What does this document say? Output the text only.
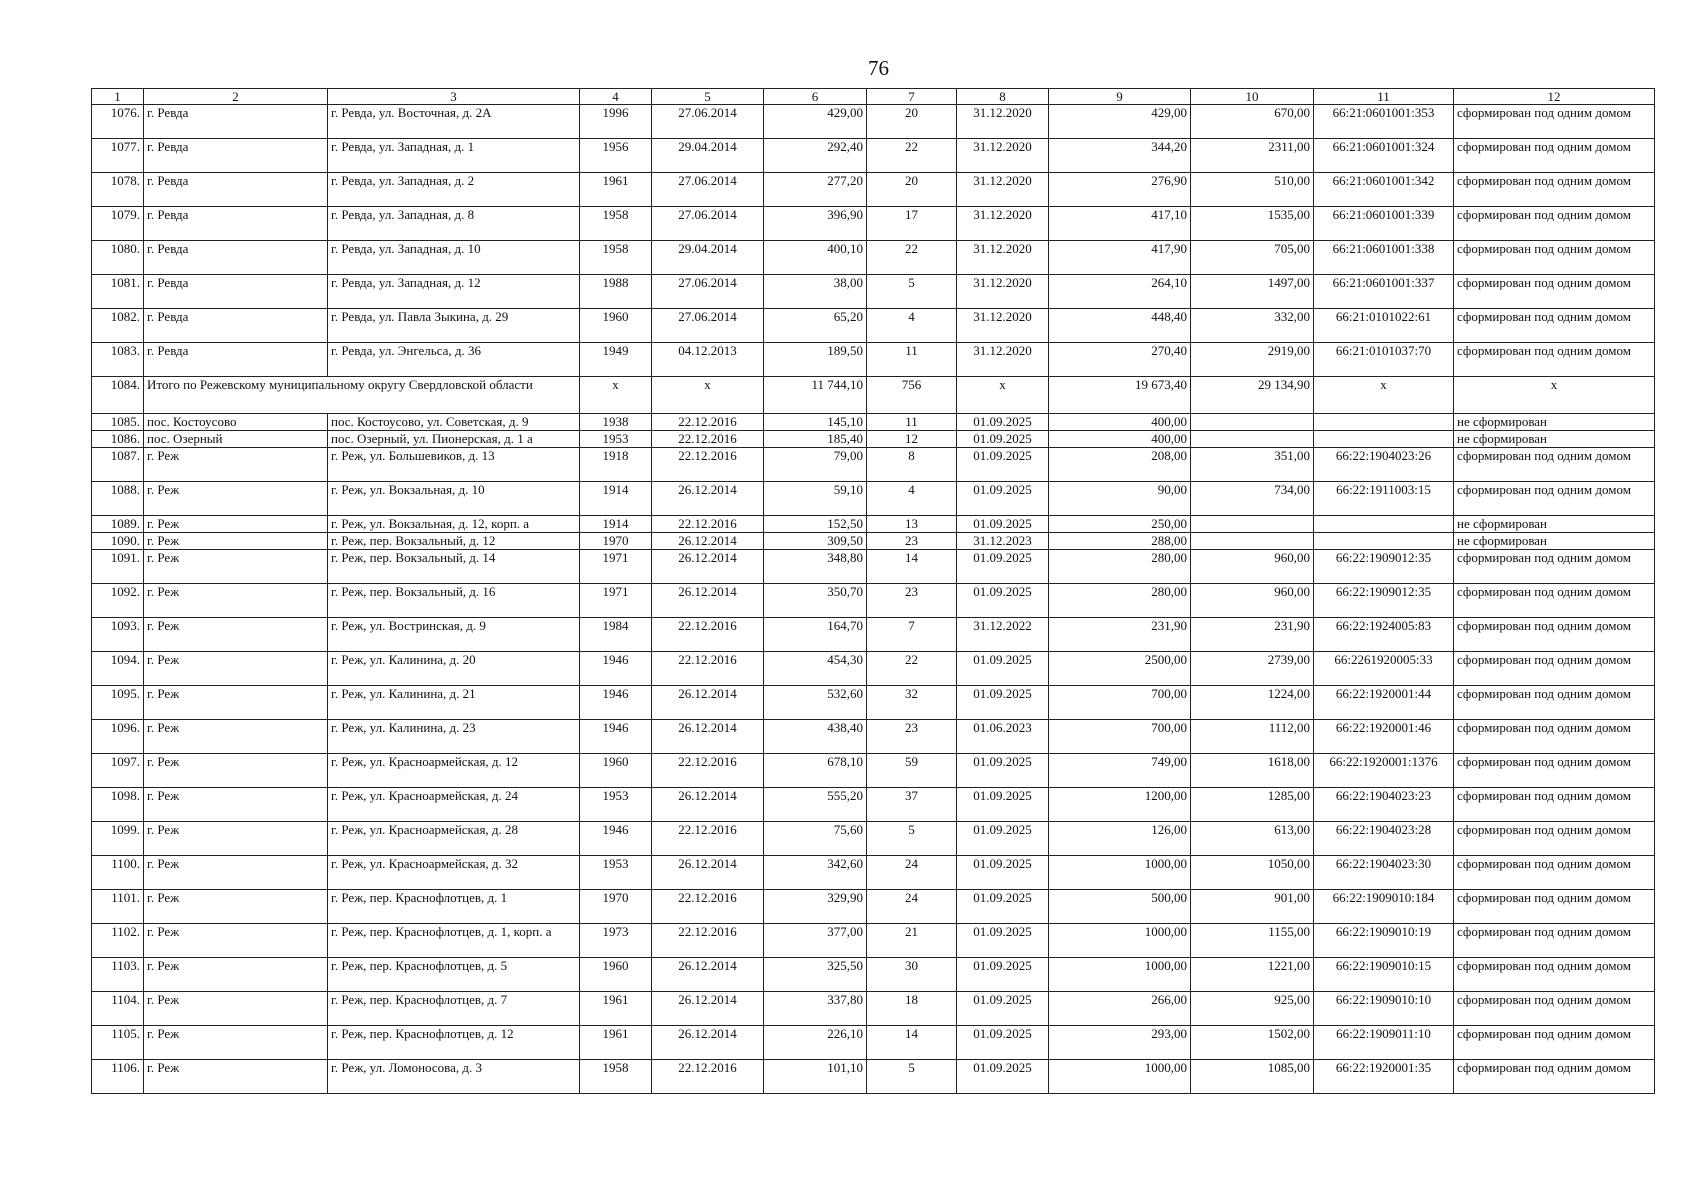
76
1	2	3	4	5	6	7	8	9	10	11	12
1076.	г. Ревда	г. Ревда, ул. Восточная, д. 2А	1996	27.06.2014	429,00	20	31.12.2020	429,00	670,00	66:21:0601001:353	сформирован под одним домом
1077.	г. Ревда	г. Ревда, ул. Западная, д. 1	1956	29.04.2014	292,40	22	31.12.2020	344,20	2311,00	66:21:0601001:324	сформирован под одним домом
1078.	г. Ревда	г. Ревда, ул. Западная, д. 2	1961	27.06.2014	277,20	20	31.12.2020	276,90	510,00	66:21:0601001:342	сформирован под одним домом
1079.	г. Ревда	г. Ревда, ул. Западная, д. 8	1958	27.06.2014	396,90	17	31.12.2020	417,10	1535,00	66:21:0601001:339	сформирован под одним домом
1080.	г. Ревда	г. Ревда, ул. Западная, д. 10	1958	29.04.2014	400,10	22	31.12.2020	417,90	705,00	66:21:0601001:338	сформирован под одним домом
1081.	г. Ревда	г. Ревда, ул. Западная, д. 12	1988	27.06.2014	38,00	5	31.12.2020	264,10	1497,00	66:21:0601001:337	сформирован под одним домом
1082.	г. Ревда	г. Ревда, ул. Павла Зыкина, д. 29	1960	27.06.2014	65,20	4	31.12.2020	448,40	332,00	66:21:0101022:61	сформирован под одним домом
1083.	г. Ревда	г. Ревда, ул. Энгельса, д. 36	1949	04.12.2013	189,50	11	31.12.2020	270,40	2919,00	66:21:0101037:70	сформирован под одним домом
1084.	Итого по Режевскому муниципальному округу Свердловской области		x	x	11 744,10	756	x	19 673,40	29 134,90	x	x
1085.	пос. Костоусово	пос. Костоусово, ул. Советская, д. 9	1938	22.12.2016	145,10	11	01.09.2025	400,00			не сформирован
1086.	пос. Озерный	пос. Озерный, ул. Пионерская, д. 1 а	1953	22.12.2016	185,40	12	01.09.2025	400,00			не сформирован
1087.	г. Реж	г. Реж, ул. Большевиков, д. 13	1918	22.12.2016	79,00	8	01.09.2025	208,00	351,00	66:22:1904023:26	сформирован под одним домом
1088.	г. Реж	г. Реж, ул. Вокзальная, д. 10	1914	26.12.2014	59,10	4	01.09.2025	90,00	734,00	66:22:1911003:15	сформирован под одним домом
1089.	г. Реж	г. Реж, ул. Вокзальная, д. 12, корп. а	1914	22.12.2016	152,50	13	01.09.2025	250,00			не сформирован
1090.	г. Реж	г. Реж, пер. Вокзальный, д. 12	1970	26.12.2014	309,50	23	31.12.2023	288,00			не сформирован
1091.	г. Реж	г. Реж, пер. Вокзальный, д. 14	1971	26.12.2014	348,80	14	01.09.2025	280,00	960,00	66:22:1909012:35	сформирован под одним домом
1092.	г. Реж	г. Реж, пер. Вокзальный, д. 16	1971	26.12.2014	350,70	23	01.09.2025	280,00	960,00	66:22:1909012:35	сформирован под одним домом
1093.	г. Реж	г. Реж, ул. Востринская, д. 9	1984	22.12.2016	164,70	7	31.12.2022	231,90	231,90	66:22:1924005:83	сформирован под одним домом
1094.	г. Реж	г. Реж, ул. Калинина, д. 20	1946	22.12.2016	454,30	22	01.09.2025	2500,00	2739,00	66:2261920005:33	сформирован под одним домом
1095.	г. Реж	г. Реж, ул. Калинина, д. 21	1946	26.12.2014	532,60	32	01.09.2025	700,00	1224,00	66:22:1920001:44	сформирован под одним домом
1096.	г. Реж	г. Реж, ул. Калинина, д. 23	1946	26.12.2014	438,40	23	01.06.2023	700,00	1112,00	66:22:1920001:46	сформирован под одним домом
1097.	г. Реж	г. Реж, ул. Красноармейская, д. 12	1960	22.12.2016	678,10	59	01.09.2025	749,00	1618,00	66:22:1920001:1376	сформирован под одним домом
1098.	г. Реж	г. Реж, ул. Красноармейская, д. 24	1953	26.12.2014	555,20	37	01.09.2025	1200,00	1285,00	66:22:1904023:23	сформирован под одним домом
1099.	г. Реж	г. Реж, ул. Красноармейская, д. 28	1946	22.12.2016	75,60	5	01.09.2025	126,00	613,00	66:22:1904023:28	сформирован под одним домом
1100.	г. Реж	г. Реж, ул. Красноармейская, д. 32	1953	26.12.2014	342,60	24	01.09.2025	1000,00	1050,00	66:22:1904023:30	сформирован под одним домом
1101.	г. Реж	г. Реж, пер. Краснофлотцев, д. 1	1970	22.12.2016	329,90	24	01.09.2025	500,00	901,00	66:22:1909010:184	сформирован под одним домом
1102.	г. Реж	г. Реж, пер. Краснофлотцев, д. 1, корп. а	1973	22.12.2016	377,00	21	01.09.2025	1000,00	1155,00	66:22:1909010:19	сформирован под одним домом
1103.	г. Реж	г. Реж, пер. Краснофлотцев, д. 5	1960	26.12.2014	325,50	30	01.09.2025	1000,00	1221,00	66:22:1909010:15	сформирован под одним домом
1104.	г. Реж	г. Реж, пер. Краснофлотцев, д. 7	1961	26.12.2014	337,80	18	01.09.2025	266,00	925,00	66:22:1909010:10	сформирован под одним домом
1105.	г. Реж	г. Реж, пер. Краснофлотцев, д. 12	1961	26.12.2014	226,10	14	01.09.2025	293,00	1502,00	66:22:1909011:10	сформирован под одним домом
1106.	г. Реж	г. Реж, ул. Ломоносова, д. 3	1958	22.12.2016	101,10	5	01.09.2025	1000,00	1085,00	66:22:1920001:35	сформирован под одним домом
